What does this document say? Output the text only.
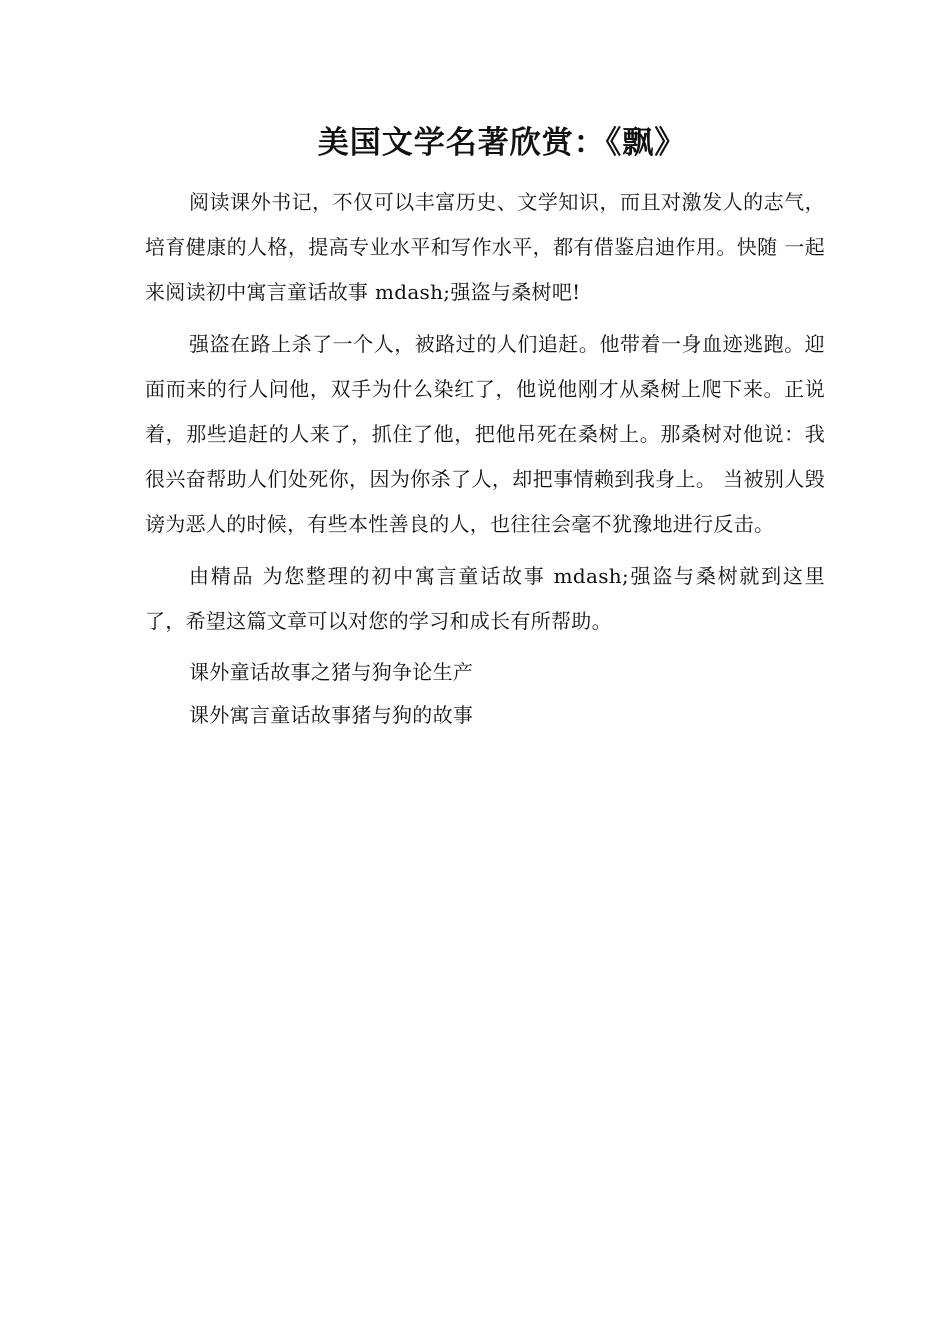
美国文学名著欣赏：《飘》

阅读课外书记，不仅可以丰富历史、文学知识，而且对激发人的志气，培育健康的人格，提高专业水平和写作水平，都有借鉴启迪作用。快随 一起来阅读初中寓言童话故事 mdash;强盗与桑树吧!

强盗在路上杀了一个人，被路过的人们追赶。他带着一身血迹逃跑。迎面而来的行人问他，双手为什么染红了，他说他刚才从桑树上爬下来。正说着，那些追赶的人来了，抓住了他，把他吊死在桑树上。那桑树对他说：我很兴奋帮助人们处死你，因为你杀了人，却把事情赖到我身上。 当被别人毁谤为恶人的时候，有些本性善良的人，也往往会毫不犹豫地进行反击。

由精品 为您整理的初中寓言童话故事 mdash;强盗与桑树就到这里了，希望这篇文章可以对您的学习和成长有所帮助。

课外童话故事之猪与狗争论生产

课外寓言童话故事猪与狗的故事
